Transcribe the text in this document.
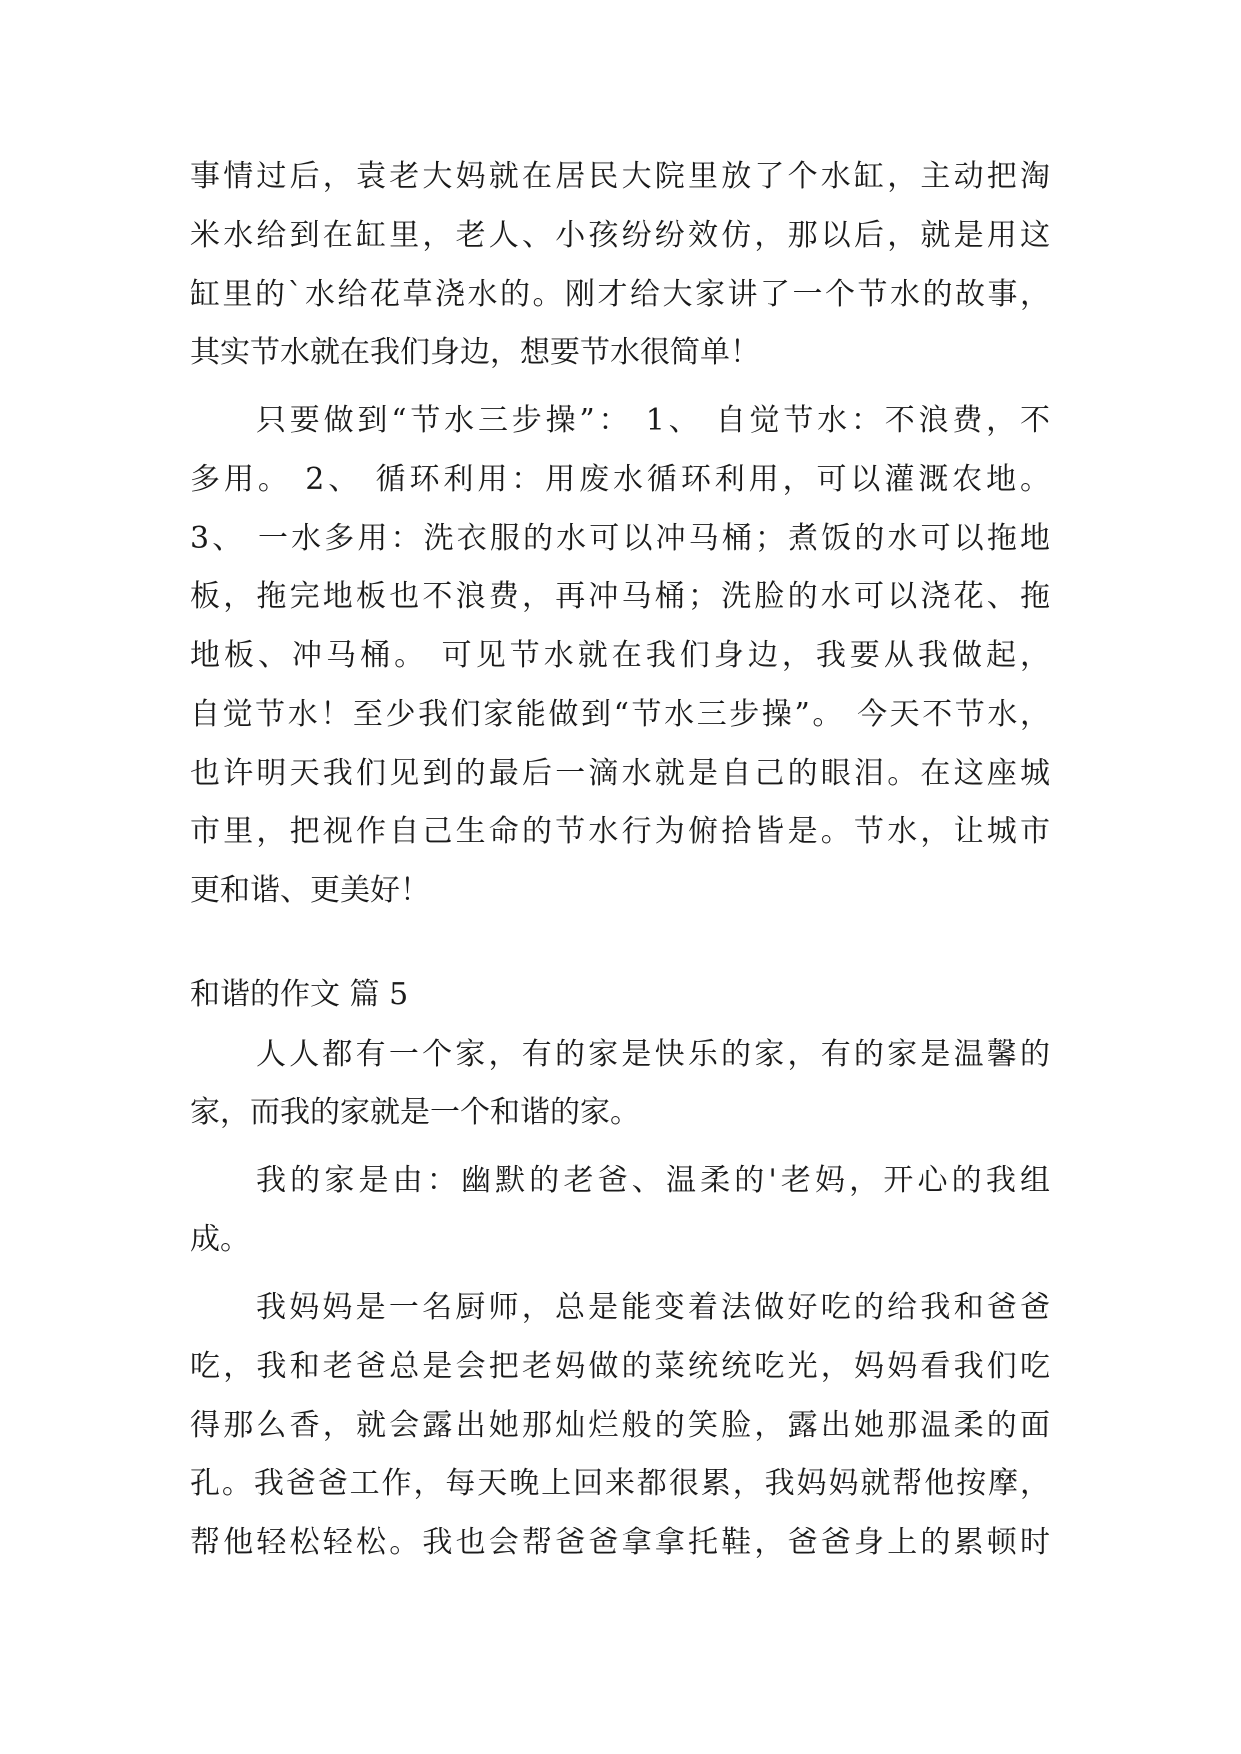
事情过后，袁老大妈就在居民大院里放了个水缸，主动把淘
米水给到在缸里，老人、小孩纷纷效仿，那以后，就是用这
缸里的`水给花草浇水的。刚才给大家讲了一个节水的故事，
其实节水就在我们身边，想要节水很简单！
只要做到“节水三步操”： 1、 自觉节水：不浪费，不
多用。 2、 循环利用：用废水循环利用，可以灌溉农地。
3、 一水多用：洗衣服的水可以冲马桶；煮饭的水可以拖地
板，拖完地板也不浪费，再冲马桶；洗脸的水可以浇花、拖
地板、冲马桶。 可见节水就在我们身边，我要从我做起，
自觉节水！至少我们家能做到“节水三步操”。 今天不节水，
也许明天我们见到的最后一滴水就是自己的眼泪。在这座城
市里，把视作自己生命的节水行为俯拾皆是。节水，让城市
更和谐、更美好！
和谐的作文 篇 5
人人都有一个家，有的家是快乐的家，有的家是温馨的
家，而我的家就是一个和谐的家。
我的家是由：幽默的老爸、温柔的'老妈，开心的我组
成。
我妈妈是一名厨师，总是能变着法做好吃的给我和爸爸
吃，我和老爸总是会把老妈做的菜统统吃光，妈妈看我们吃
得那么香，就会露出她那灿烂般的笑脸，露出她那温柔的面
孔。我爸爸工作，每天晚上回来都很累，我妈妈就帮他按摩，
帮他轻松轻松。我也会帮爸爸拿拿托鞋，爸爸身上的累顿时
